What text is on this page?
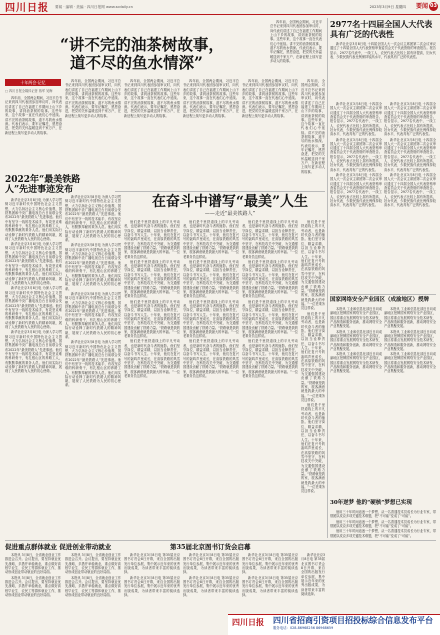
四川日报 要闻 · 编辑 · 美编 · 四川日报网 www.scdaily.cn	2023年3月9日 星期四 要闻 03
“讲不完的油茶树故事，
道不尽的鱼水情深”
十年两会·记忆
□ 四川日报全媒体记者 蒋军 吴梅

四年前，全国两会期间，习近平总书记来到四川代表团参加审议时，向代表们讲述了自己在福建工作期间上山下乡的故事，讲到油茶树的故事。这些年来，这个故事一直在代表们心中延续。讲不完的油茶树故事，道不尽的鱼水情深。代表们表示，要牢记嘱托，感恩奋进，把党的关怀温暖送到千家万户，在新征程上续写更多动人的故事。

四年前，全国两会期间，习近平总书记来到四川代表团参加审议时，向代表们讲述了自己在福建工作期间上山下乡的故事，讲到油茶树的故事。这些年来，这个故事一直在代表们心中延续。讲不完的油茶树故事，道不尽的鱼水情深。代表们表示，要牢记嘱托，感恩奋进，把党的关怀温暖送到千家万户，在新征程上续写更多动人的故事。

四年前，全国两会期间，习近平总书记来到四川代表团参加审议时，向代表们讲述了自己在福建工作期间上山下乡的故事，讲到油茶树的故事。这些年来，这个故事一直在代表们心中延续。讲不完的油茶树故事，道不尽的鱼水情深。代表们表示，要牢记嘱托，感恩奋进，把党的关怀温暖送到千家万户，在新征程上续写更多动人的故事。

四年前，全国两会期间，习近平总书记来到四川代表团参加审议时，向代表们讲述了自己在福建工作期间上山下乡的故事，讲到油茶树的故事。这些年来，这个故事一直在代表们心中延续。讲不完的油茶树故事，道不尽的鱼水情深。代表们表示，要牢记嘱托，感恩奋进，把党的关怀温暖送到千家万户，在新征程上续写更多动人的故事。

四年前，全国两会期间，习近平总书记来到四川代表团参加审议时，向代表们讲述了自己在福建工作期间上山下乡的故事，讲到油茶树的故事。这些年来，这个故事一直在代表们心中延续。讲不完的油茶树故事，道不尽的鱼水情深。代表们表示，要牢记嘱托，感恩奋进，把党的关怀温暖送到千家万户，在新征程上续写更多动人的故事。

四年前，全国两会期间，习近平总书记来到四川代表团参加审议时，向代表们讲述了自己在福建工作期间上山下乡的故事，讲到油茶树的故事。这些年来，这个故事一直在代表们心中延续。讲不完的油茶树故事，道不尽的鱼水情深。代表们表示，要牢记嘱托，感恩奋进，把党的关怀温暖送到千家万户，在新征程上续写更多动人的故事。

四年前，全国两会期间，习近平总书记来到四川代表团参加审议时，向代表们讲述了自己在福建工作期间上山下乡的故事，讲到油茶树的故事。这些年来，这个故事一直在代表们心中延续。讲不完的油茶树故事，道不尽的鱼水情深。代表们表示，要牢记嘱托，感恩奋进，把党的关怀温暖送到千家万户，在新征程上续写更多动人的故事。

2022年“最美铁路人”先进事迹发布

新华社北京3月8日电 为深入学习贯彻习近平新时代中国特色社会主义思想，大力弘扬社会主义核心价值观，国铁集团和中央广播电视总台日前联合发布2022年“最美铁路人”先进事迹。他们中有坚守一线的技术能手，有攻坚克难的科研骨干，有扎根山区的养路工人，有默默奉献的乘务人员。他们用实际行动诠释了新时代铁路人的精神风貌，展现了人民铁路为人民的初心使命。

新华社北京3月8日电 为深入学习贯彻习近平新时代中国特色社会主义思想，大力弘扬社会主义核心价值观，国铁集团和中央广播电视总台日前联合发布2022年“最美铁路人”先进事迹。他们中有坚守一线的技术能手，有攻坚克难的科研骨干，有扎根山区的养路工人，有默默奉献的乘务人员。他们用实际行动诠释了新时代铁路人的精神风貌，展现了人民铁路为人民的初心使命。

新华社北京3月8日电 为深入学习贯彻习近平新时代中国特色社会主义思想，大力弘扬社会主义核心价值观，国铁集团和中央广播电视总台日前联合发布2022年“最美铁路人”先进事迹。他们中有坚守一线的技术能手，有攻坚克难的科研骨干，有扎根山区的养路工人，有默默奉献的乘务人员。他们用实际行动诠释了新时代铁路人的精神风貌，展现了人民铁路为人民的初心使命。

新华社北京3月8日电 为深入学习贯彻习近平新时代中国特色社会主义思想，大力弘扬社会主义核心价值观，国铁集团和中央广播电视总台日前联合发布2022年“最美铁路人”先进事迹。他们中有坚守一线的技术能手，有攻坚克难的科研骨干，有扎根山区的养路工人，有默默奉献的乘务人员。他们用实际行动诠释了新时代铁路人的精神风貌，展现了人民铁路为人民的初心使命。

新华社北京3月8日电 为深入学习贯彻习近平新时代中国特色社会主义思想，大力弘扬社会主义核心价值观，国铁集团和中央广播电视总台日前联合发布2022年“最美铁路人”先进事迹。他们中有坚守一线的技术能手，有攻坚克难的科研骨干，有扎根山区的养路工人，有默默奉献的乘务人员。他们用实际行动诠释了新时代铁路人的精神风貌，展现了人民铁路为人民的初心使命。

新华社北京3月8日电 为深入学习贯彻习近平新时代中国特色社会主义思想，大力弘扬社会主义核心价值观，国铁集团和中央广播电视总台日前联合发布2022年“最美铁路人”先进事迹。他们中有坚守一线的技术能手，有攻坚克难的科研骨干，有扎根山区的养路工人，有默默奉献的乘务人员。他们用实际行动诠释了新时代铁路人的精神风貌，展现了人民铁路为人民的初心使命。

新华社北京3月8日电 为深入学习贯彻习近平新时代中国特色社会主义思想，大力弘扬社会主义核心价值观，国铁集团和中央广播电视总台日前联合发布2022年“最美铁路人”先进事迹。他们中有坚守一线的技术能手，有攻坚克难的科研骨干，有扎根山区的养路工人，有默默奉献的乘务人员。他们用实际行动诠释了新时代铁路人的精神风貌，展现了人民铁路为人民的初心使命。

新华社北京3月8日电 为深入学习贯彻习近平新时代中国特色社会主义思想，大力弘扬社会主义核心价值观，国铁集团和中央广播电视总台日前联合发布2022年“最美铁路人”先进事迹。他们中有坚守一线的技术能手，有攻坚克难的科研骨干，有扎根山区的养路工人，有默默奉献的乘务人员。他们用实际行动诠释了新时代铁路人的精神风貌，展现了人民铁路为人民的初心使命。

在奋斗中谱写“最美”人生
——走近“最美铁路人”

他们是千里铁道线上的平凡劳动者，也是新时代奋斗者的缩影。他们坚守岗位，精益求精，以担当诠释责任，以奋斗书写人生。十年来，他们在复兴号的轰鸣声里成长，在高原铁路的风雪中坚守，在科技攻关中突破，为交通强国建设贡献了铁路力量。“铁路就是我的家，旅客满意就是我最大的幸福。”一位老乘务员这样说。

他们是千里铁道线上的平凡劳动者，也是新时代奋斗者的缩影。他们坚守岗位，精益求精，以担当诠释责任，以奋斗书写人生。十年来，他们在复兴号的轰鸣声里成长，在高原铁路的风雪中坚守，在科技攻关中突破，为交通强国建设贡献了铁路力量。“铁路就是我的家，旅客满意就是我最大的幸福。”一位老乘务员这样说。

他们是千里铁道线上的平凡劳动者，也是新时代奋斗者的缩影。他们坚守岗位，精益求精，以担当诠释责任，以奋斗书写人生。十年来，他们在复兴号的轰鸣声里成长，在高原铁路的风雪中坚守，在科技攻关中突破，为交通强国建设贡献了铁路力量。“铁路就是我的家，旅客满意就是我最大的幸福。”一位老乘务员这样说。

他们是千里铁道线上的平凡劳动者，也是新时代奋斗者的缩影。他们坚守岗位，精益求精，以担当诠释责任，以奋斗书写人生。十年来，他们在复兴号的轰鸣声里成长，在高原铁路的风雪中坚守，在科技攻关中突破，为交通强国建设贡献了铁路力量。“铁路就是我的家，旅客满意就是我最大的幸福。”一位老乘务员这样说。

他们是千里铁道线上的平凡劳动者，也是新时代奋斗者的缩影。他们坚守岗位，精益求精，以担当诠释责任，以奋斗书写人生。十年来，他们在复兴号的轰鸣声里成长，在高原铁路的风雪中坚守，在科技攻关中突破，为交通强国建设贡献了铁路力量。“铁路就是我的家，旅客满意就是我最大的幸福。”一位老乘务员这样说。

他们是千里铁道线上的平凡劳动者，也是新时代奋斗者的缩影。他们坚守岗位，精益求精，以担当诠释责任，以奋斗书写人生。十年来，他们在复兴号的轰鸣声里成长，在高原铁路的风雪中坚守，在科技攻关中突破，为交通强国建设贡献了铁路力量。“铁路就是我的家，旅客满意就是我最大的幸福。”一位老乘务员这样说。

他们是千里铁道线上的平凡劳动者，也是新时代奋斗者的缩影。他们坚守岗位，精益求精，以担当诠释责任，以奋斗书写人生。十年来，他们在复兴号的轰鸣声里成长，在高原铁路的风雪中坚守，在科技攻关中突破，为交通强国建设贡献了铁路力量。“铁路就是我的家，旅客满意就是我最大的幸福。”一位老乘务员这样说。

他们是千里铁道线上的平凡劳动者，也是新时代奋斗者的缩影。他们坚守岗位，精益求精，以担当诠释责任，以奋斗书写人生。十年来，他们在复兴号的轰鸣声里成长，在高原铁路的风雪中坚守，在科技攻关中突破，为交通强国建设贡献了铁路力量。“铁路就是我的家，旅客满意就是我最大的幸福。”一位老乘务员这样说。

他们是千里铁道线上的平凡劳动者，也是新时代奋斗者的缩影。他们坚守岗位，精益求精，以担当诠释责任，以奋斗书写人生。十年来，他们在复兴号的轰鸣声里成长，在高原铁路的风雪中坚守，在科技攻关中突破，为交通强国建设贡献了铁路力量。“铁路就是我的家，旅客满意就是我最大的幸福。”一位老乘务员这样说。

他们是千里铁道线上的平凡劳动者，也是新时代奋斗者的缩影。他们坚守岗位，精益求精，以担当诠释责任，以奋斗书写人生。十年来，他们在复兴号的轰鸣声里成长，在高原铁路的风雪中坚守，在科技攻关中突破，为交通强国建设贡献了铁路力量。“铁路就是我的家，旅客满意就是我最大的幸福。”一位老乘务员这样说。

他们是千里铁道线上的平凡劳动者，也是新时代奋斗者的缩影。他们坚守岗位，精益求精，以担当诠释责任，以奋斗书写人生。十年来，他们在复兴号的轰鸣声里成长，在高原铁路的风雪中坚守，在科技攻关中突破，为交通强国建设贡献了铁路力量。“铁路就是我的家，旅客满意就是我最大的幸福。”一位老乘务员这样说。

他们是千里铁道线上的平凡劳动者，也是新时代奋斗者的缩影。他们坚守岗位，精益求精，以担当诠释责任，以奋斗书写人生。十年来，他们在复兴号的轰鸣声里成长，在高原铁路的风雪中坚守，在科技攻关中突破，为交通强国建设贡献了铁路力量。“铁路就是我的家，旅客满意就是我最大的幸福。”一位老乘务员这样说。

他们是千里铁道线上的平凡劳动者，也是新时代奋斗者的缩影。他们坚守岗位，精益求精，以担当诠释责任，以奋斗书写人生。十年来，他们在复兴号的轰鸣声里成长，在高原铁路的风雪中坚守，在科技攻关中突破，为交通强国建设贡献了铁路力量。“铁路就是我的家，旅客满意就是我最大的幸福。”一位老乘务员这样说。

他们是千里铁道线上的平凡劳动者，也是新时代奋斗者的缩影。他们坚守岗位，精益求精，以担当诠释责任，以奋斗书写人生。十年来，他们在复兴号的轰鸣声里成长，在高原铁路的风雪中坚守，在科技攻关中突破，为交通强国建设贡献了铁路力量。“铁路就是我的家，旅客满意就是我最大的幸福。”一位老乘务员这样说。

他们是千里铁道线上的平凡劳动者，也是新时代奋斗者的缩影。他们坚守岗位，精益求精，以担当诠释责任，以奋斗书写人生。十年来，他们在复兴号的轰鸣声里成长，在高原铁路的风雪中坚守，在科技攻关中突破，为交通强国建设贡献了铁路力量。“铁路就是我的家，旅客满意就是我最大的幸福。”一位老乘务员这样说。

2977名十四届全国人大代表具有广泛的代表性

新华社北京3月8日电 十四届全国人大一次会议主席团第二次会议审议通过了十四届全国人大代表资格审查委员会关于代表资格的审查报告。报告显示，2977名代表中，一线工人、农民代表占比较上届有所提高，妇女代表、少数民族代表比例保持较高水平，代表具有广泛的代表性。

新华社北京3月8日电 十四届全国人大一次会议主席团第二次会议审议通过了十四届全国人大代表资格审查委员会关于代表资格的审查报告。报告显示，2977名代表中，一线工人、农民代表占比较上届有所提高，妇女代表、少数民族代表比例保持较高水平，代表具有广泛的代表性。

新华社北京3月8日电 十四届全国人大一次会议主席团第二次会议审议通过了十四届全国人大代表资格审查委员会关于代表资格的审查报告。报告显示，2977名代表中，一线工人、农民代表占比较上届有所提高，妇女代表、少数民族代表比例保持较高水平，代表具有广泛的代表性。

新华社北京3月8日电 十四届全国人大一次会议主席团第二次会议审议通过了十四届全国人大代表资格审查委员会关于代表资格的审查报告。报告显示，2977名代表中，一线工人、农民代表占比较上届有所提高，妇女代表、少数民族代表比例保持较高水平，代表具有广泛的代表性。

新华社北京3月8日电 十四届全国人大一次会议主席团第二次会议审议通过了十四届全国人大代表资格审查委员会关于代表资格的审查报告。报告显示，2977名代表中，一线工人、农民代表占比较上届有所提高，妇女代表、少数民族代表比例保持较高水平，代表具有广泛的代表性。

新华社北京3月8日电 十四届全国人大一次会议主席团第二次会议审议通过了十四届全国人大代表资格审查委员会关于代表资格的审查报告。报告显示，2977名代表中，一线工人、农民代表占比较上届有所提高，妇女代表、少数民族代表比例保持较高水平，代表具有广泛的代表性。

新华社北京3月8日电 十四届全国人大一次会议主席团第二次会议审议通过了十四届全国人大代表资格审查委员会关于代表资格的审查报告。报告显示，2977名代表中，一线工人、农民代表占比较上届有所提高，妇女代表、少数民族代表比例保持较高水平，代表具有广泛的代表性。

国家网络安全产业园区（成渝地区）授牌

本报讯 工业和信息化部近日向成渝地区授牌国家网络安全产业园区，园区将重点发展网络安全技术研发、产品制造和服务创新，推动网络安全产业集聚发展。

本报讯 工业和信息化部近日向成渝地区授牌国家网络安全产业园区，园区将重点发展网络安全技术研发、产品制造和服务创新，推动网络安全产业集聚发展。

本报讯 工业和信息化部近日向成渝地区授牌国家网络安全产业园区，园区将重点发展网络安全技术研发、产品制造和服务创新，推动网络安全产业集聚发展。

本报讯 工业和信息化部近日向成渝地区授牌国家网络安全产业园区，园区将重点发展网络安全技术研发、产品制造和服务创新，推动网络安全产业集聚发展。

本报讯 工业和信息化部近日向成渝地区授牌国家网络安全产业园区，园区将重点发展网络安全技术研发、产品制造和服务创新，推动网络安全产业集聚发展。

本报讯 工业和信息化部近日向成渝地区授牌国家网络安全产业园区，园区将重点发展网络安全技术研发、产品制造和服务创新，推动网络安全产业集聚发展。

促进重点群体就业 促进创业带动就业

本报讯 3月8日，全省就业创业工作推进会召开。会议提出，要坚持就业优先战略，多措并举稳就业，重点做好高校毕业生、农民工等群体就业工作，推动形成创业带动就业的良好局面。

本报讯 3月8日，全省就业创业工作推进会召开。会议提出，要坚持就业优先战略，多措并举稳就业，重点做好高校毕业生、农民工等群体就业工作，推动形成创业带动就业的良好局面。

本报讯 3月8日，全省就业创业工作推进会召开。会议提出，要坚持就业优先战略，多措并举稳就业，重点做好高校毕业生、农民工等群体就业工作，推动形成创业带动就业的良好局面。

本报讯 3月8日，全省就业创业工作推进会召开。会议提出，要坚持就业优先战略，多措并举稳就业，重点做好高校毕业生、农民工等群体就业工作，推动形成创业带动就业的良好局面。

第35届北京图书订货会启幕

新华社北京3月8日电 第35届北京图书订货会8日开幕，来自全国的出版发行单位参展，集中展示近年来的优秀出版成果，为读者带来丰富的阅读选择。

新华社北京3月8日电 第35届北京图书订货会8日开幕，来自全国的出版发行单位参展，集中展示近年来的优秀出版成果，为读者带来丰富的阅读选择。

新华社北京3月8日电 第35届北京图书订货会8日开幕，来自全国的出版发行单位参展，集中展示近年来的优秀出版成果，为读者带来丰富的阅读选择。

新华社北京3月8日电 第35届北京图书订货会8日开幕，来自全国的出版发行单位参展，集中展示近年来的优秀出版成果，为读者带来丰富的阅读选择。

新华社北京3月8日电 第35届北京图书订货会8日开幕，来自全国的出版发行单位参展，集中展示近年来的优秀出版成果，为读者带来丰富的阅读选择。

新华社北京3月8日电 第35届北京图书订货会8日开幕，来自全国的出版发行单位参展，集中展示近年来的优秀出版成果，为读者带来丰富的阅读选择。

新华社北京3月8日电 第35届北京图书订货会8日开幕，来自全国的出版发行单位参展，集中展示近年来的优秀出版成果，为读者带来丰富的阅读选择。

30年逆梦 他的“硬核”梦想已实现

他用三十年时间追逐一个梦想，从一名普通技术员成长为行业专家，带领团队攻克多项关键技术难题，把“不可能”变成了“可能”。

他用三十年时间追逐一个梦想，从一名普通技术员成长为行业专家，带领团队攻克多项关键技术难题，把“不可能”变成了“可能”。

他用三十年时间追逐一个梦想，从一名普通技术员成长为行业专家，带领团队攻克多项关键技术难题，把“不可能”变成了“可能”。

四川日报 四川省招商引资项目招投标综合信息发布平台
服务电话：028-86968256 86968659
